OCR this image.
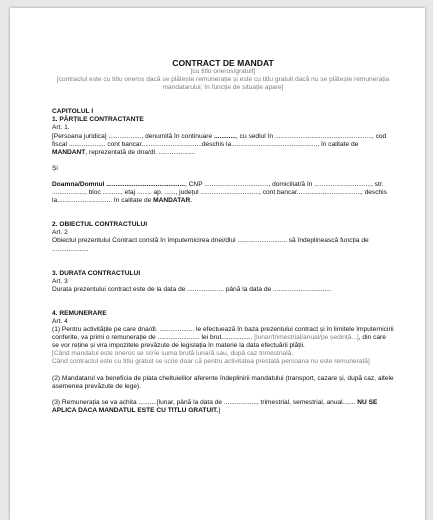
CONTRACT DE MANDAT
[cu titlu oneros/gratuit]
[contractul este cu titlu oneros dacă se plătește remunerație și este cu titlu gratuit dacă nu se plătește remunerația mandatarului; în funcție de situație apare]
CAPITOLUL I
1. PĂRȚILE CONTRACTANTE
Art. 1.

[Persoana juridica] .................., denumită în continuare ............, cu sediul în ....................................................., cod fiscal .................... cont bancar.................................deschis la..............................................., în calitate de MANDANT, reprezentată de dna/dl. ....................

Și

Doamna/Domnul ..........................................., CNP ..................................., domiciliat/ă în ..............................., str. .................., bloc .........., etaj ........ ap. ......, județul ................................, cont bancar..................................., deschis la.............................. în calitate de MANDATAR.

2. OBIECTUL CONTRACTULUI
Art. 2

Obiectul prezentului Contract constă în împuternicirea dnei/dlui ........................... să îndeplinească funcția de ....................

3. DURATA CONTRACTULUI
Art. 3

Durata prezentului contract este de la data de .................... până la data de ................................

4. REMUNERARE
Art. 4

(1) Pentru activitățile pe care dna/dl. ................... le efectuează în baza prezentului contract și în limitele împuternicirii conferite, va primi o remunerație de ....................... lei brut................. [lunar/trimestrial/anual/pe ședință...], din care se vor reține și vira impozitele prevăzute de legislația în materie la data efectuării plății.

[Când mandatul este oneros se scrie suma brută lunară sau, după caz trimestrială.

Când contractul este cu titlu gratuit se scrie doar că pentru activitatea prestată persoana nu este remunerată]

(2) Mandatarul va beneficia de plata cheltuielilor aferente îndeplinirii mandatului (transport, cazare și, după caz, altele asemenea prevăzute de lege).

(3) Remunerația se va achita ..........[lunar, până la data de .................., trimestrial, semestrial, anual....... NU SE APLICA DACA MANDATUL ESTE CU TITLU GRATUIT.]
